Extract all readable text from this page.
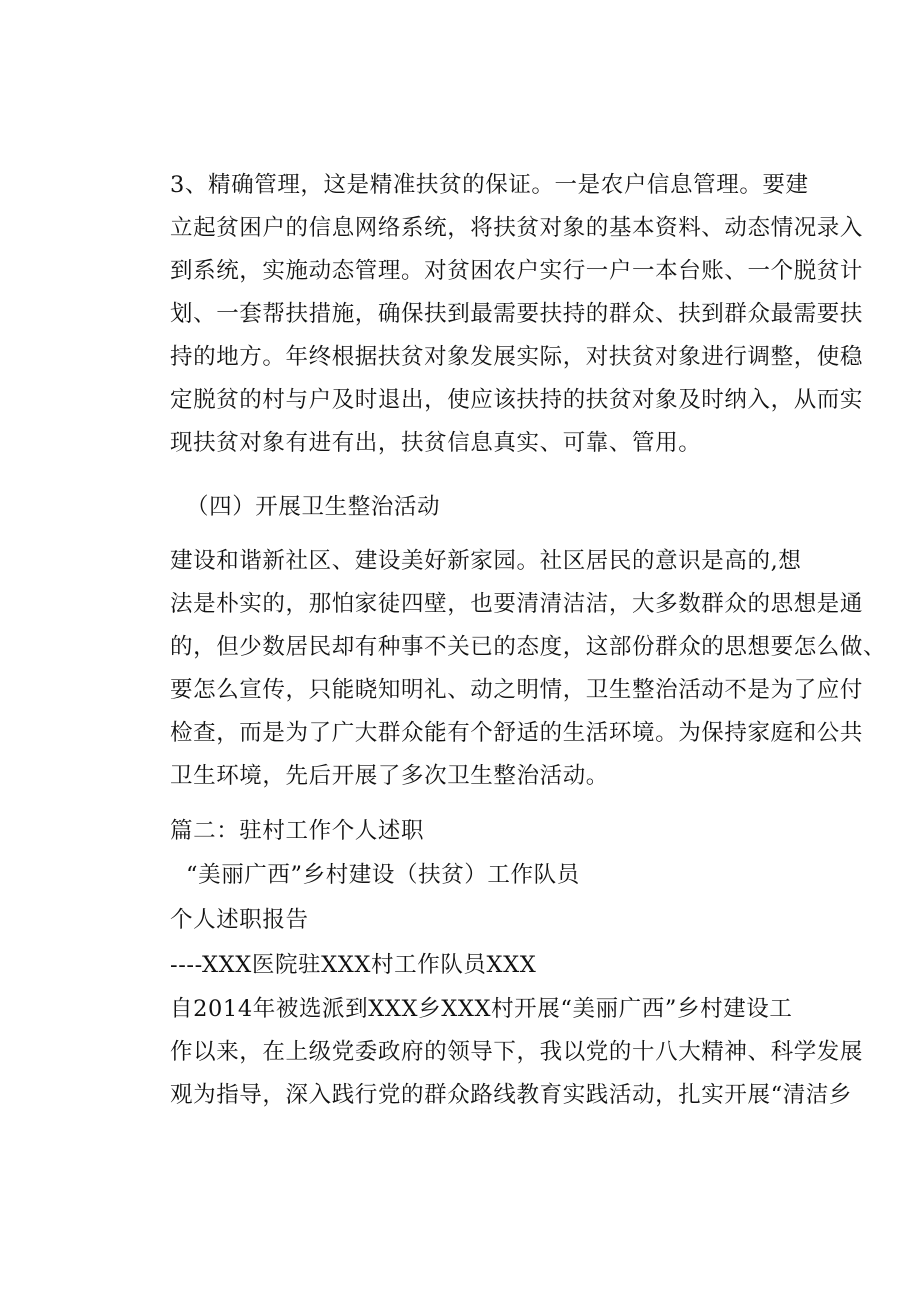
3、精确管理，这是精准扶贫的保证。一是农户信息管理。要建
立起贫困户的信息网络系统，将扶贫对象的基本资料、动态情况录入
到系统，实施动态管理。对贫困农户实行一户一本台账、一个脱贫计
划、一套帮扶措施，确保扶到最需要扶持的群众、扶到群众最需要扶
持的地方。年终根据扶贫对象发展实际，对扶贫对象进行调整，使稳
定脱贫的村与户及时退出，使应该扶持的扶贫对象及时纳入，从而实
现扶贫对象有进有出，扶贫信息真实、可靠、管用。
（四）开展卫生整治活动
建设和谐新社区、建设美好新家园。社区居民的意识是高的,想
法是朴实的，那怕家徒四壁，也要清清洁洁，大多数群众的思想是通
的，但少数居民却有种事不关已的态度，这部份群众的思想要怎么做、
要怎么宣传，只能晓知明礼、动之明情，卫生整治活动不是为了应付
检查，而是为了广大群众能有个舒适的生活环境。为保持家庭和公共
卫生环境，先后开展了多次卫生整治活动。
篇二：驻村工作个人述职
“美丽广西”乡村建设（扶贫）工作队员
个人述职报告
----XXX医院驻XXX村工作队员XXX
自2014年被选派到XXX乡XXX村开展“美丽广西”乡村建设工
作以来，在上级党委政府的领导下，我以党的十八大精神、科学发展
观为指导，深入践行党的群众路线教育实践活动，扎实开展“清洁乡
